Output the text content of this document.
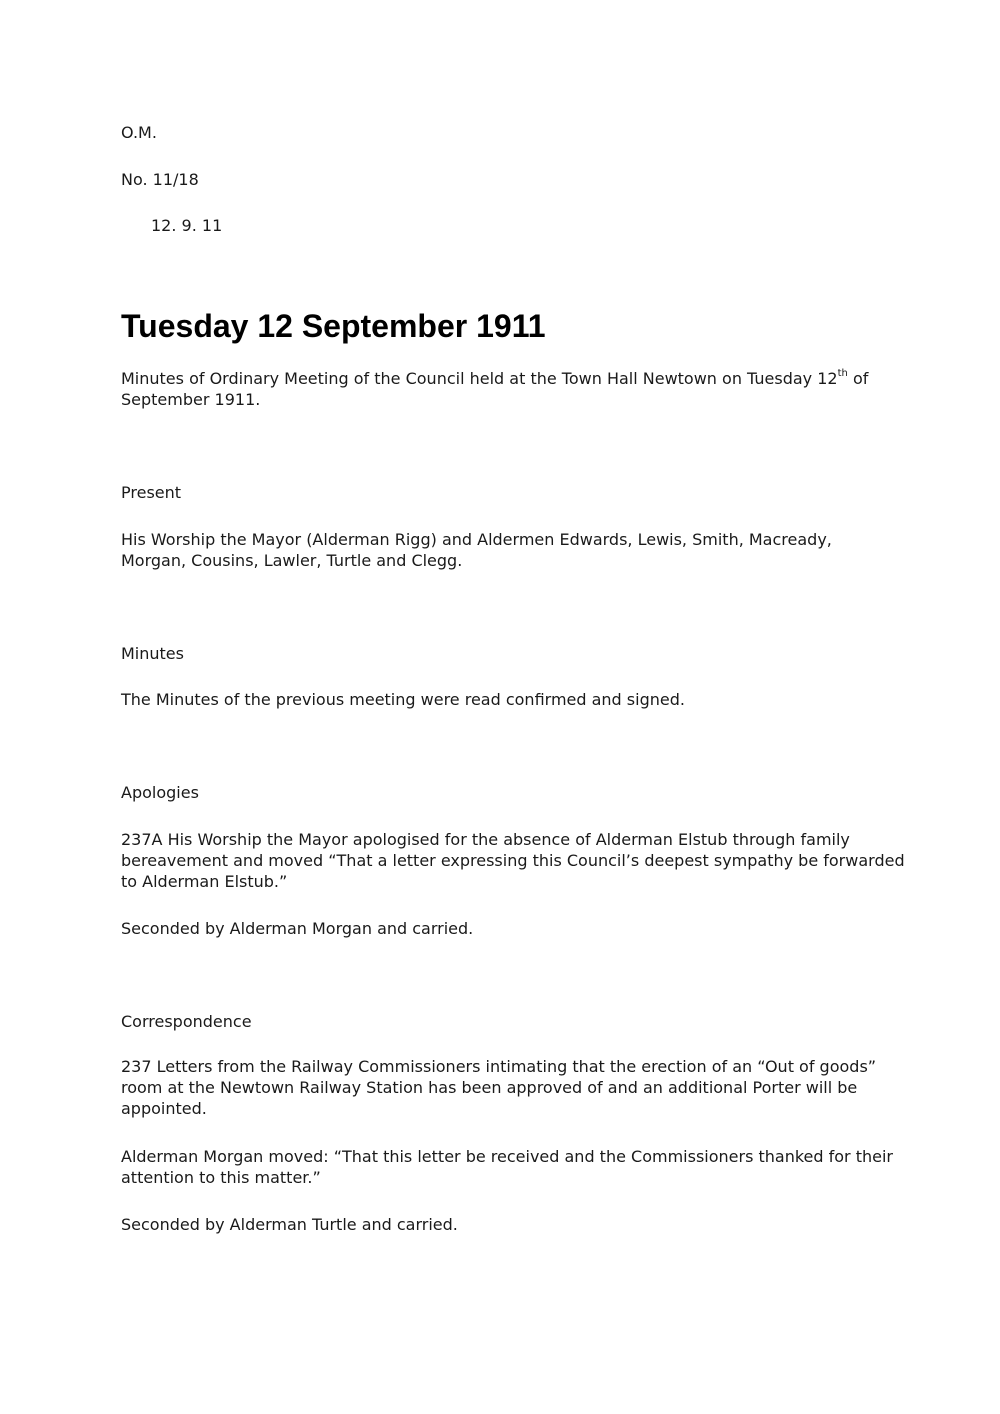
O.M.

No. 11/18

12. 9. 11

Tuesday 12 September 1911
Minutes of Ordinary Meeting of the Council held at the Town Hall Newtown on Tuesday 12th of
September 1911.

Present

His Worship the Mayor (Alderman Rigg) and Aldermen Edwards, Lewis, Smith, Macready,
Morgan, Cousins, Lawler, Turtle and Clegg.

Minutes

The Minutes of the previous meeting were read confirmed and signed.

Apologies

237A His Worship the Mayor apologised for the absence of Alderman Elstub through family
bereavement and moved “That a letter expressing this Council’s deepest sympathy be forwarded
to Alderman Elstub.”

Seconded by Alderman Morgan and carried.

Correspondence

237 Letters from the Railway Commissioners intimating that the erection of an “Out of goods”
room at the Newtown Railway Station has been approved of and an additional Porter will be
appointed.
Alderman Morgan moved: “That this letter be received and the Commissioners thanked for their
attention to this matter.”

Seconded by Alderman Turtle and carried.
